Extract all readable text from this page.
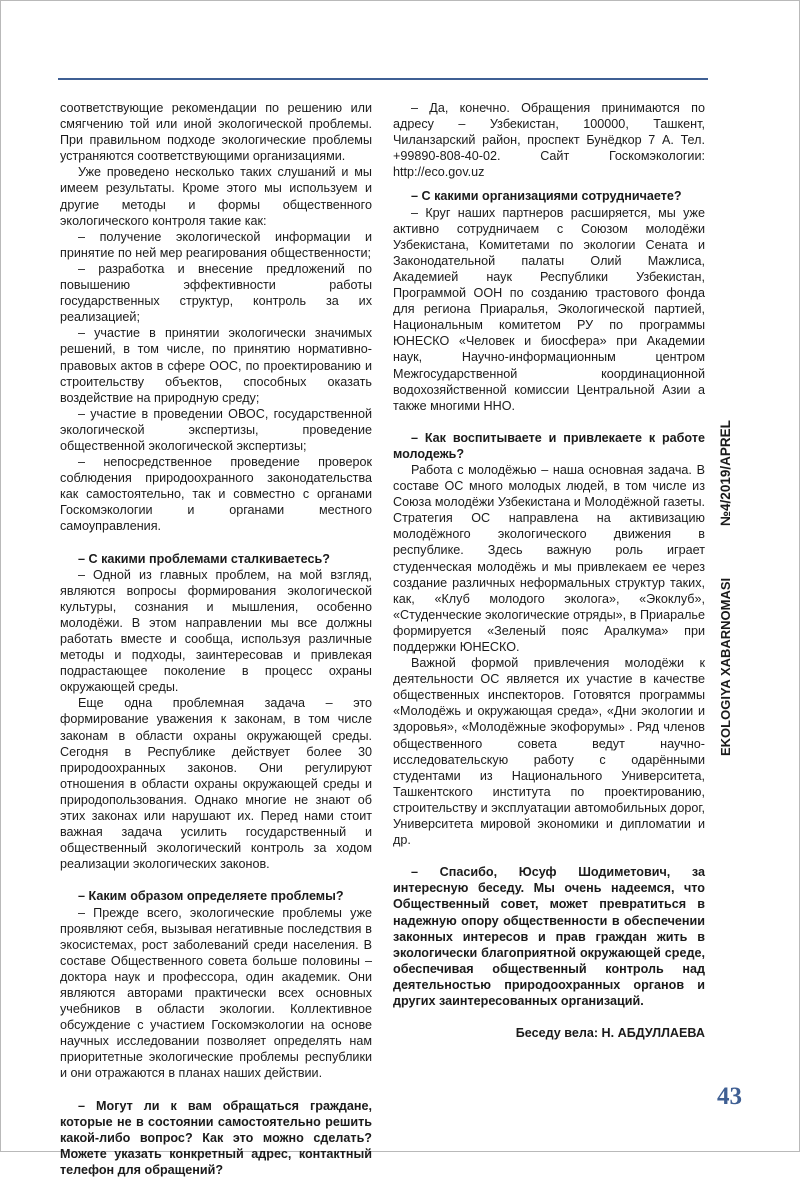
соответствующие рекомендации по решению или смягчению той или иной экологической проблемы. При правильном подходе экологические проблемы устраняются соответствующими организациями.

Уже проведено несколько таких слушаний и мы имеем результаты. Кроме этого мы используем и другие методы и формы общественного экологического контроля такие как:

– получение экологической информации и принятие по ней мер реагирования общественности;

– разработка и внесение предложений по повышению эффективности работы государственных структур, контроль за их реализацией;

– участие в принятии экологически значимых решений, в том числе, по принятию нормативно-правовых актов в сфере ООС, по проектированию и строительству объектов, способных оказать воздействие на природную среду;

– участие в проведении ОВОС, государственной экологической экспертизы, проведение общественной экологической экспертизы;

– непосредственное проведение проверок соблюдения природоохранного законодательства как самостоятельно, так и совместно с органами Госкомэкологии и органами местного самоуправления.

– С какими проблемами сталкиваетесь?

– Одной из главных проблем, на мой взгляд, являются вопросы формирования экологической культуры, сознания и мышления, особенно молодёжи. В этом направлении мы все должны работать вместе и сообща, используя различные методы и подходы, заинтересовав и привлекая подрастающее поколение в процесс охраны окружающей среды.

Еще одна проблемная задача – это формирование уважения к законам, в том числе законам в области охраны окружающей среды. Сегодня в Республике действует более 30 природоохранных законов. Они регулируют отношения в области охраны окружающей среды и природопользования. Однако многие не знают об этих законах или нарушают их. Перед нами стоит важная задача усилить государственный и общественный экологический контроль за ходом реализации экологических законов.

– Каким образом определяете проблемы?

– Прежде всего, экологические проблемы уже проявляют себя, вызывая негативные последствия в экосистемах, рост заболеваний среди населения. В составе Общественного совета больше половины – доктора наук и профессора, один академик. Они являются авторами практически всех основных учебников в области экологии. Коллективное обсуждение с участием Госкомэкологии на основе научных исследовании позволяет определять нам приоритетные экологические проблемы республики и они отражаются в планах наших действии.

– Могут ли к вам обращаться граждане, которые не в состоянии самостоятельно решить какой-либо вопрос? Как это можно сделать? Можете указать конкретный адрес, контактный телефон для обращений?

– Да, конечно. Обращения принимаются по адресу – Узбекистан, 100000, Ташкент, Чиланзарский район, проспект Бунёдкор 7 А. Тел. +99890-808-40-02. Сайт Госкомэкологии: http://eco.gov.uz

– С какими организациями сотрудничаете?

– Круг наших партнеров расширяется, мы уже активно сотрудничаем с Союзом молодёжи Узбекистана, Комитетами по экологии Сената и Законодательной палаты Олий Мажлиса, Академией наук Республики Узбекистан, Программой ООН по созданию трастового фонда для региона Приаралья, Экологической партией, Национальным комитетом РУ по программы ЮНЕСКО «Человек и биосфера» при Академии наук, Научно-информационным центром Межгосударственной координационной водохозяйственной комиссии Центральной Азии а также многими ННО.

– Как воспитываете и привлекаете к работе молодежь?

Работа с молодёжью – наша основная задача. В составе ОС много молодых людей, в том числе из Союза молодёжи Узбекистана и Молодёжной газеты. Стратегия ОС направлена на активизацию молодёжного экологического движения в республике. Здесь важную роль играет студенческая молодёжь и мы привлекаем ее через создание различных неформальных структур таких, как, «Клуб молодого эколога», «Экоклуб», «Студенческие экологические отряды», в Приаралье формируется «Зеленый пояс Аралкума» при поддержки ЮНЕСКО.

Важной формой привлечения молодёжи к деятельности ОС является их участие в качестве общественных инспекторов. Готовятся программы «Молодёжь и окружающая среда», «Дни экологии и здоровья», «Молодёжные экофорумы» . Ряд членов общественного совета ведут научно-исследовательскую работу с одарёнными студентами из Национального Университета, Ташкентского института по проектированию, строительству и эксплуатации автомобильных дорог, Университета мировой экономики и дипломатии и др.

– Спасибо, Юсуф Шодиметович, за интересную беседу. Мы очень надеемся, что Общественный совет, может превратиться в надежную опору общественности в обеспечении законных интересов и прав граждан жить в экологически благоприятной окружающей среде, обеспечивая общественный контроль над деятельностью природоохранных органов и других заинтересованных организаций.

Беседу вела: Н. АБДУЛЛАЕВА

№4/2019/APREL
EKOLOGIYA XABARNOMASI
43
